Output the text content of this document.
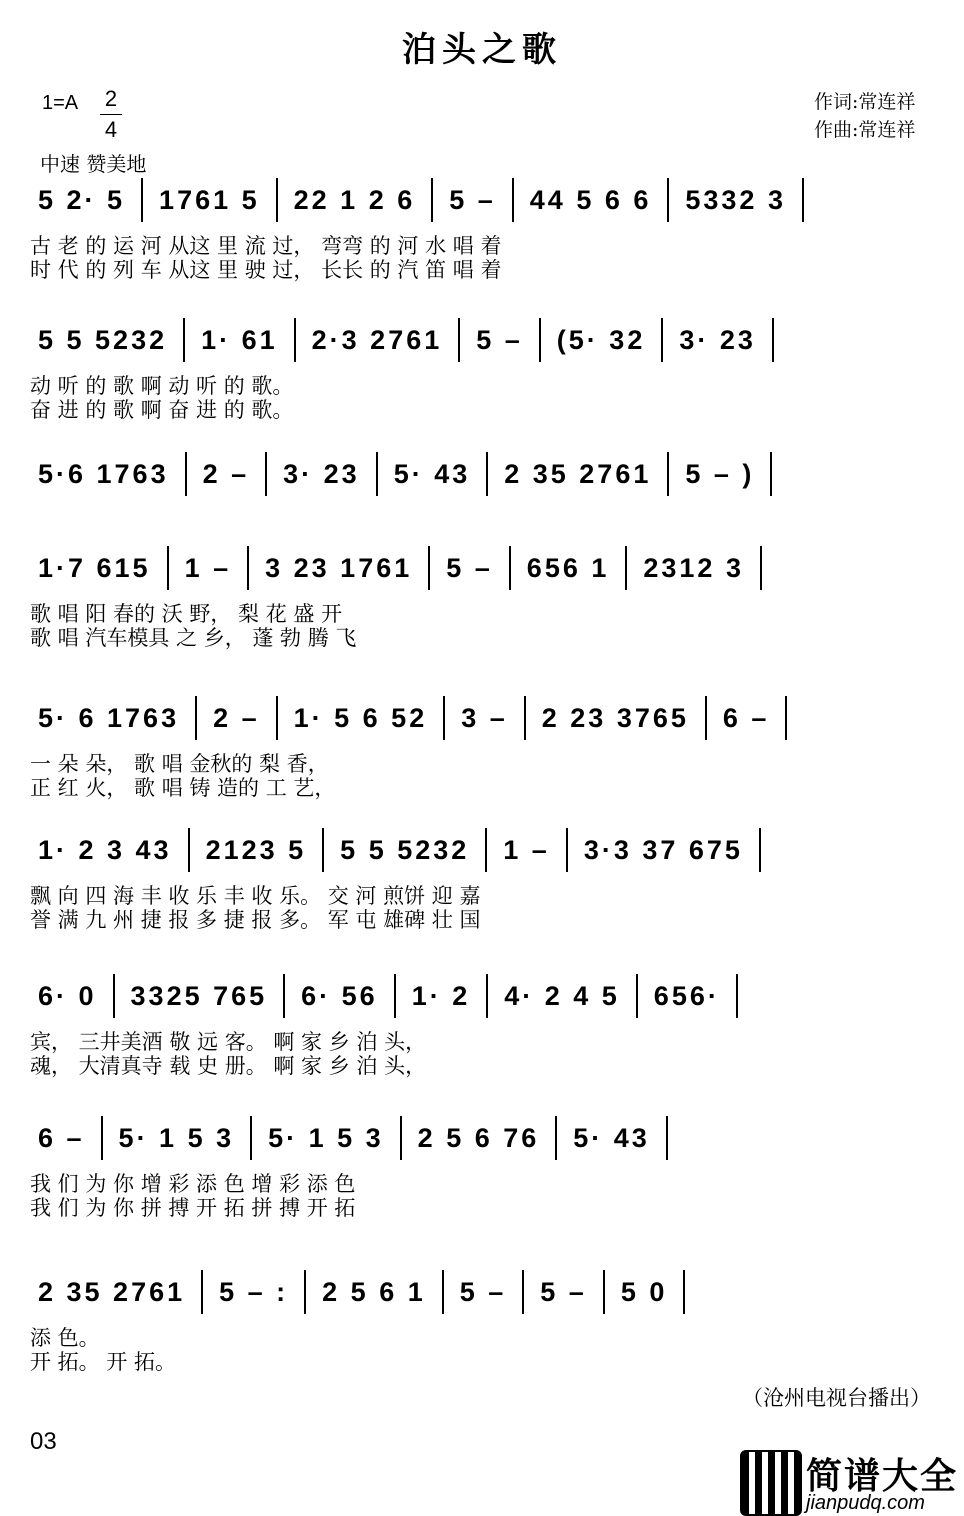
泊头之歌
1=A 2
4
作词:常连祥
作曲:常连祥
中速 赞美地
5 2· 5 1761 5 22 1 2 6 5 – 44 5 6 6 5332 3
古 老 的 运 河 从这 里 流 过， 弯弯 的 河 水 唱 着
时 代 的 列 车 从这 里 驶 过， 长长 的 汽 笛 唱 着
5 5 5232 1· 61 2·3 2761 5 – (5· 32 3· 23
动 听 的 歌 啊 动 听 的 歌。
奋 进 的 歌 啊 奋 进 的 歌。
5·6 1763 2 – 3· 23 5· 43 2 35 2761 5 – )
1·7 615 1 – 3 23 1761 5 – 656 1 2312 3
歌 唱 阳 春的 沃 野， 梨 花 盛 开
歌 唱 汽车模具 之 乡， 蓬 勃 腾 飞
5· 6 1763 2 – 1· 5 6 52 3 – 2 23 3765 6 –
一 朵 朵， 歌 唱 金秋的 梨 香，
正 红 火， 歌 唱 铸 造的 工 艺，
1· 2 3 43 2123 5 5 5 5232 1 – 3·3 37 675
飘 向 四 海 丰 收 乐 丰 收 乐。 交 河 煎饼 迎 嘉
誉 满 九 州 捷 报 多 捷 报 多。 军 屯 雄碑 壮 国
6· 0 3325 765 6· 56 1· 2 4· 2 4 5 656·
宾， 三井美酒 敬 远 客。 啊 家 乡 泊 头，
魂， 大清真寺 载 史 册。 啊 家 乡 泊 头，
6 – 5· 1 5 3 5· 1 5 3 2 5 6 76 5· 43
我 们 为 你 增 彩 添 色 增 彩 添 色
我 们 为 你 拼 搏 开 拓 拼 搏 开 拓
2 35 2761 5 – : 2 5 6 1 5 – 5 – 5 0
添 色。
开 拓。 开 拓。
（沧州电视台播出）
03
简谱大全
jianpudq.com
